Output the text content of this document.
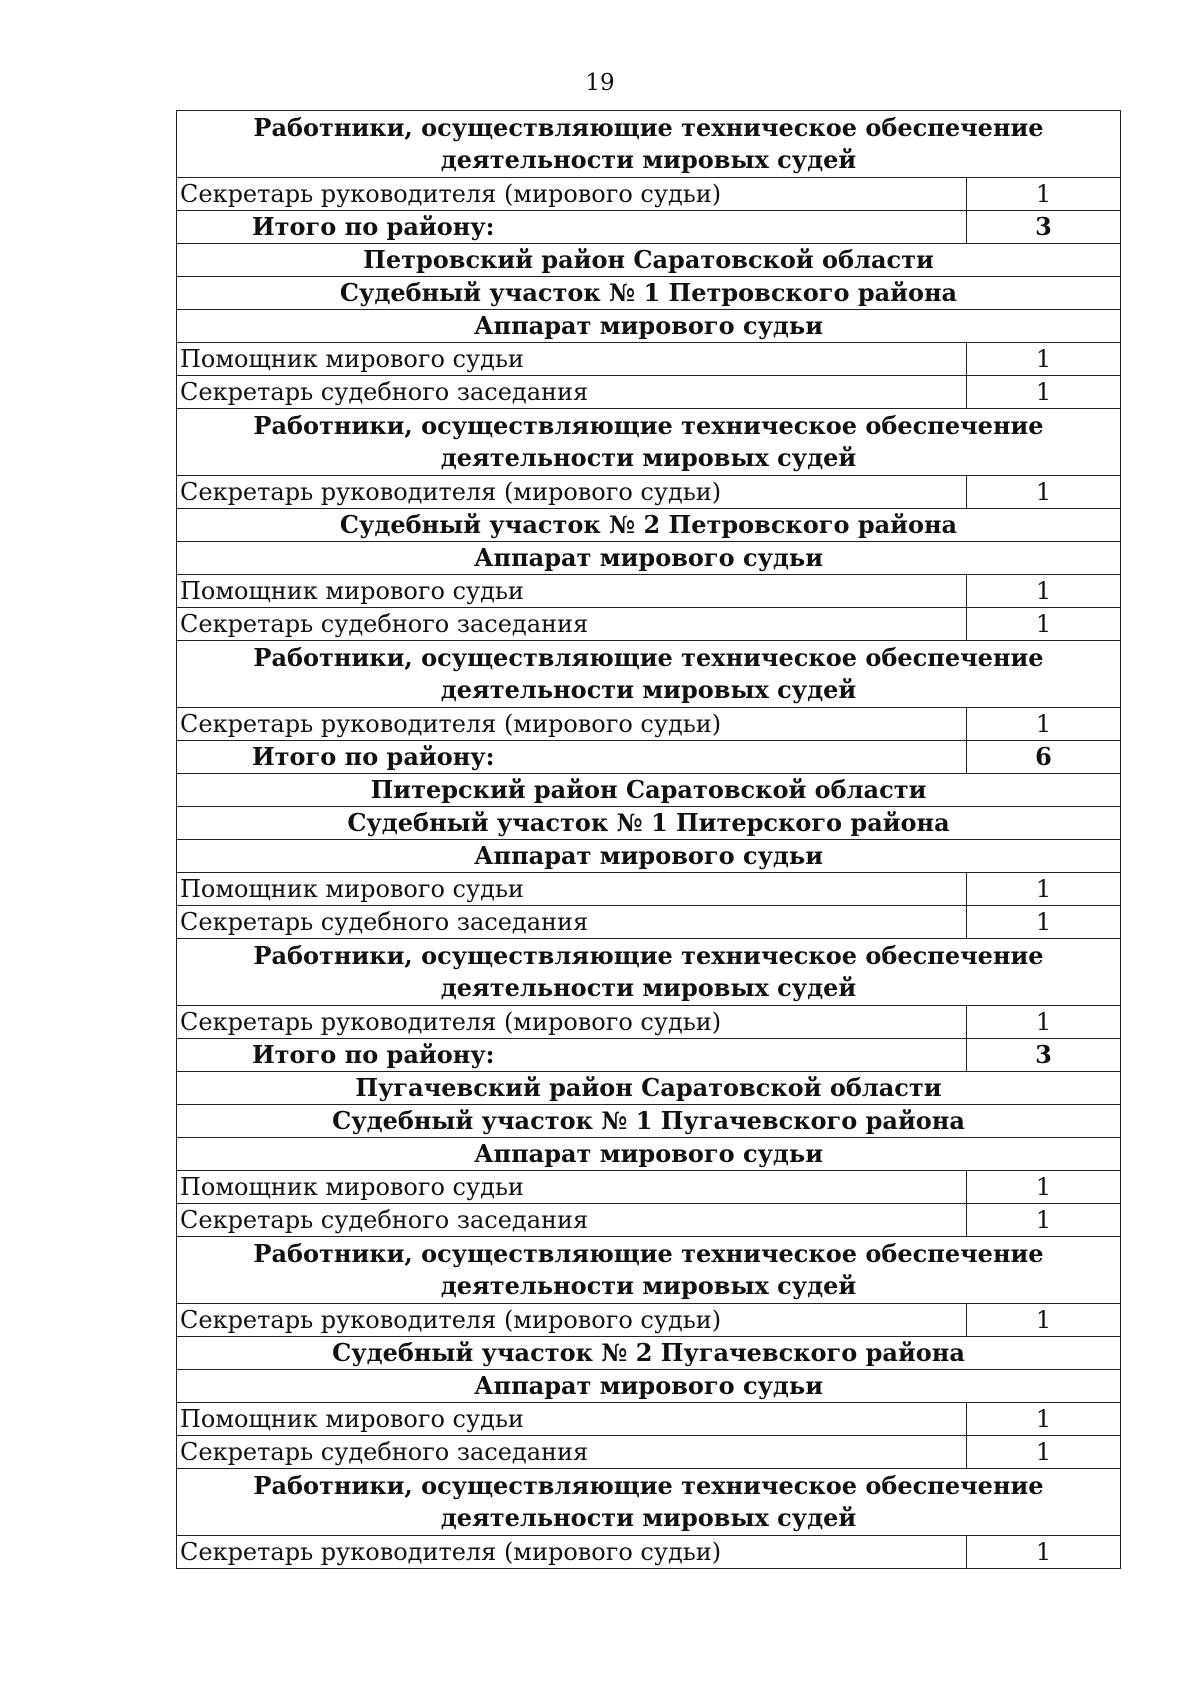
19
Работники, осуществляющие техническое обеспечение деятельности мировых судей	
Секретарь руководителя (мирового судьи)	1
Итого по району:	3
Петровский район Саратовской области	
Судебный участок № 1 Петровского района	
Аппарат мирового судьи	
Помощник мирового судьи	1
Секретарь судебного заседания	1
Работники, осуществляющие техническое обеспечение деятельности мировых судей	
Секретарь руководителя (мирового судьи)	1
Судебный участок № 2 Петровского района	
Аппарат мирового судьи	
Помощник мирового судьи	1
Секретарь судебного заседания	1
Работники, осуществляющие техническое обеспечение деятельности мировых судей	
Секретарь руководителя (мирового судьи)	1
Итого по району:	6
Питерский район Саратовской области	
Судебный участок № 1 Питерского района	
Аппарат мирового судьи	
Помощник мирового судьи	1
Секретарь судебного заседания	1
Работники, осуществляющие техническое обеспечение деятельности мировых судей	
Секретарь руководителя (мирового судьи)	1
Итого по району:	3
Пугачевский район Саратовской области	
Судебный участок № 1 Пугачевского района	
Аппарат мирового судьи	
Помощник мирового судьи	1
Секретарь судебного заседания	1
Работники, осуществляющие техническое обеспечение деятельности мировых судей	
Секретарь руководителя (мирового судьи)	1
Судебный участок № 2 Пугачевского района	
Аппарат мирового судьи	
Помощник мирового судьи	1
Секретарь судебного заседания	1
Работники, осуществляющие техническое обеспечение деятельности мировых судей	
Секретарь руководителя (мирового судьи)	1
